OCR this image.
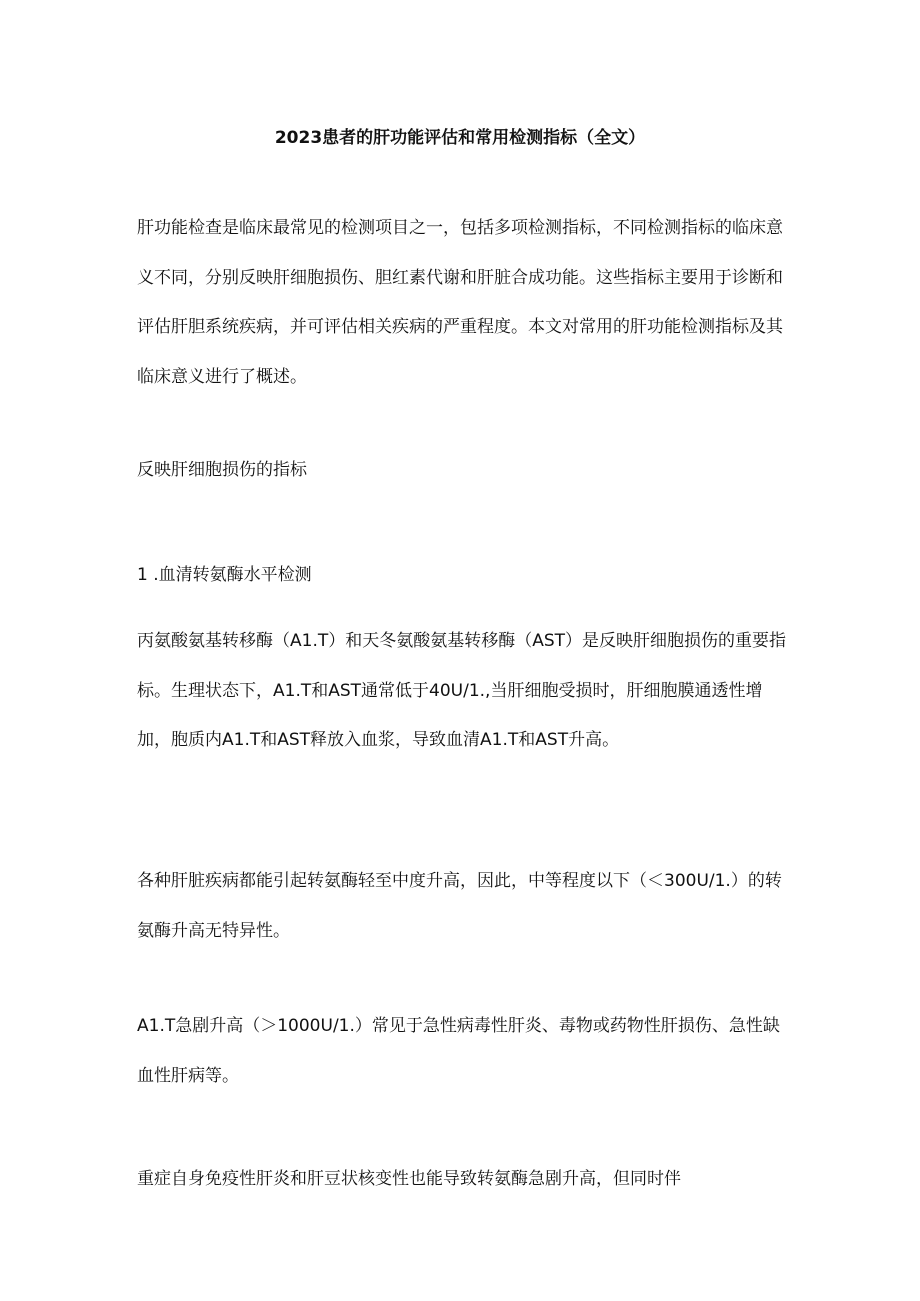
2023患者的肝功能评估和常用检测指标（全文）

肝功能检查是临床最常见的检测项目之一，包括多项检测指标，不同检测指标的临床意义不同，分别反映肝细胞损伤、胆红素代谢和肝脏合成功能。这些指标主要用于诊断和评估肝胆系统疾病，并可评估相关疾病的严重程度。本文对常用的肝功能检测指标及其临床意义进行了概述。

反映肝细胞损伤的指标
1 .血清转氨酶水平检测

丙氨酸氨基转移酶（A1.T）和天冬氨酸氨基转移酶（AST）是反映肝细胞损伤的重要指标。生理状态下，A1.T和AST通常低于40U/1.,当肝细胞受损时，肝细胞膜通透性增加，胞质内A1.T和AST释放入血浆，导致血清A1.T和AST升高。

各种肝脏疾病都能引起转氨酶轻至中度升高，因此，中等程度以下（＜300U/1.）的转氨酶升高无特异性。

A1.T急剧升高（＞1000U/1.）常见于急性病毒性肝炎、毒物或药物性肝损伤、急性缺血性肝病等。

重症自身免疫性肝炎和肝豆状核变性也能导致转氨酶急剧升高，但同时伴
